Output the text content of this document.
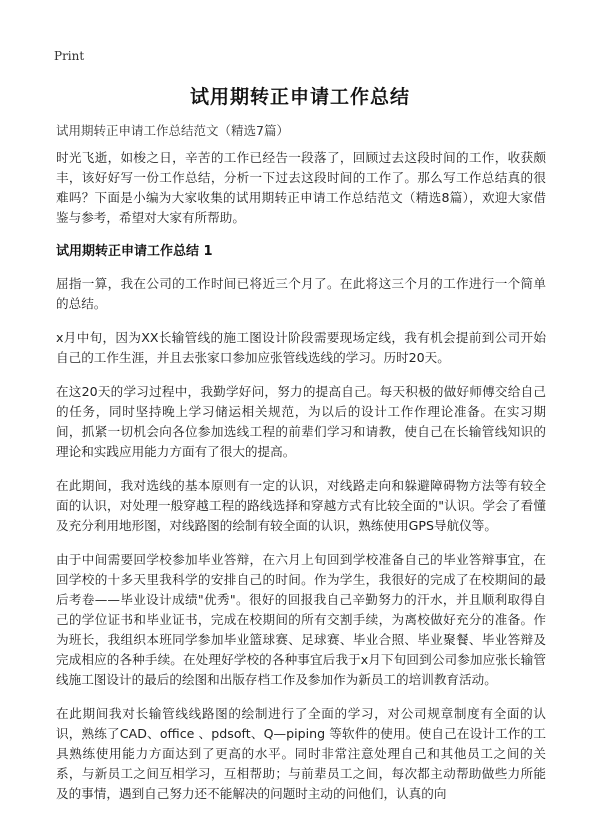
Print
试用期转正申请工作总结
试用期转正申请工作总结范文（精选7篇）

时光飞逝，如梭之日，辛苦的工作已经告一段落了，回顾过去这段时间的工作，收获颇丰，该好好写一份工作总结，分析一下过去这段时间的工作了。那么写工作总结真的很难吗？下面是小编为大家收集的试用期转正申请工作总结范文（精选8篇），欢迎大家借鉴与参考，希望对大家有所帮助。

试用期转正申请工作总结 1

屈指一算，我在公司的工作时间已将近三个月了。在此将这三个月的工作进行一个简单的总结。

x月中旬，因为XX长输管线的施工图设计阶段需要现场定线，我有机会提前到公司开始自己的工作生涯，并且去张家口参加应张管线选线的学习。历时20天。

在这20天的学习过程中，我勤学好问，努力的提高自己。每天积极的做好师傅交给自己的任务，同时坚持晚上学习储运相关规范，为以后的设计工作作理论准备。在实习期间，抓紧一切机会向各位参加选线工程的前辈们学习和请教，使自己在长输管线知识的理论和实践应用能力方面有了很大的提高。

在此期间，我对选线的基本原则有一定的认识，对线路走向和躲避障碍物方法等有较全面的认识，对处理一般穿越工程的路线选择和穿越方式有比较全面的"认识。学会了看懂及充分利用地形图，对线路图的绘制有较全面的认识，熟练使用GPS导航仪等。

由于中间需要回学校参加毕业答辩，在六月上旬回到学校准备自己的毕业答辩事宜，在回学校的十多天里我科学的安排自己的时间。作为学生，我很好的完成了在校期间的最后考卷——毕业设计成绩"优秀"。很好的回报我自己辛勤努力的汗水，并且顺利取得自己的学位证书和毕业证书，完成在校期间的所有交割手续，为离校做好充分的准备。作为班长，我组织本班同学参加毕业篮球赛、足球赛、毕业合照、毕业聚餐、毕业答辩及完成相应的各种手续。在处理好学校的各种事宜后我于x月下旬回到公司参加应张长输管线施工图设计的最后的绘图和出版存档工作及参加作为新员工的培训教育活动。

在此期间我对长输管线线路图的绘制进行了全面的学习，对公司规章制度有全面的认识，熟练了CAD、office 、pdsoft、Q—piping 等软件的使用。使自己在设计工作的工具熟练使用能力方面达到了更高的水平。同时非常注意处理自己和其他员工之间的关系，与新员工之间互相学习，互相帮助；与前辈员工之间，每次都主动帮助做些力所能及的事情，遇到自己努力还不能解决的问题时主动的问他们，认真的向
